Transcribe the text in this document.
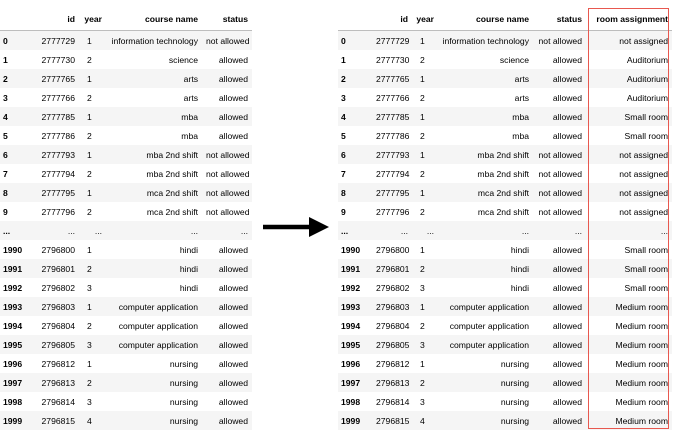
	id	year	course name	status
0	2777729	1	information technology	not allowed
1	2777730	2	science	allowed
2	2777765	1	arts	allowed
3	2777766	2	arts	allowed
4	2777785	1	mba	allowed
5	2777786	2	mba	allowed
6	2777793	1	mba 2nd shift	not allowed
7	2777794	2	mba 2nd shift	not allowed
8	2777795	1	mca 2nd shift	not allowed
9	2777796	2	mca 2nd shift	not allowed
...	...	...	...	...
1990	2796800	1	hindi	allowed
1991	2796801	2	hindi	allowed
1992	2796802	3	hindi	allowed
1993	2796803	1	computer application	allowed
1994	2796804	2	computer application	allowed
1995	2796805	3	computer application	allowed
1996	2796812	1	nursing	allowed
1997	2796813	2	nursing	allowed
1998	2796814	3	nursing	allowed
1999	2796815	4	nursing	allowed
	id	year	course name	status	room assignment
0	2777729	1	information technology	not allowed	not assigned
1	2777730	2	science	allowed	Auditorium
2	2777765	1	arts	allowed	Auditorium
3	2777766	2	arts	allowed	Auditorium
4	2777785	1	mba	allowed	Small room
5	2777786	2	mba	allowed	Small room
6	2777793	1	mba 2nd shift	not allowed	not assigned
7	2777794	2	mba 2nd shift	not allowed	not assigned
8	2777795	1	mca 2nd shift	not allowed	not assigned
9	2777796	2	mca 2nd shift	not allowed	not assigned
...	...	...	...	...	...
1990	2796800	1	hindi	allowed	Small room
1991	2796801	2	hindi	allowed	Small room
1992	2796802	3	hindi	allowed	Small room
1993	2796803	1	computer application	allowed	Medium room
1994	2796804	2	computer application	allowed	Medium room
1995	2796805	3	computer application	allowed	Medium room
1996	2796812	1	nursing	allowed	Medium room
1997	2796813	2	nursing	allowed	Medium room
1998	2796814	3	nursing	allowed	Medium room
1999	2796815	4	nursing	allowed	Medium room
